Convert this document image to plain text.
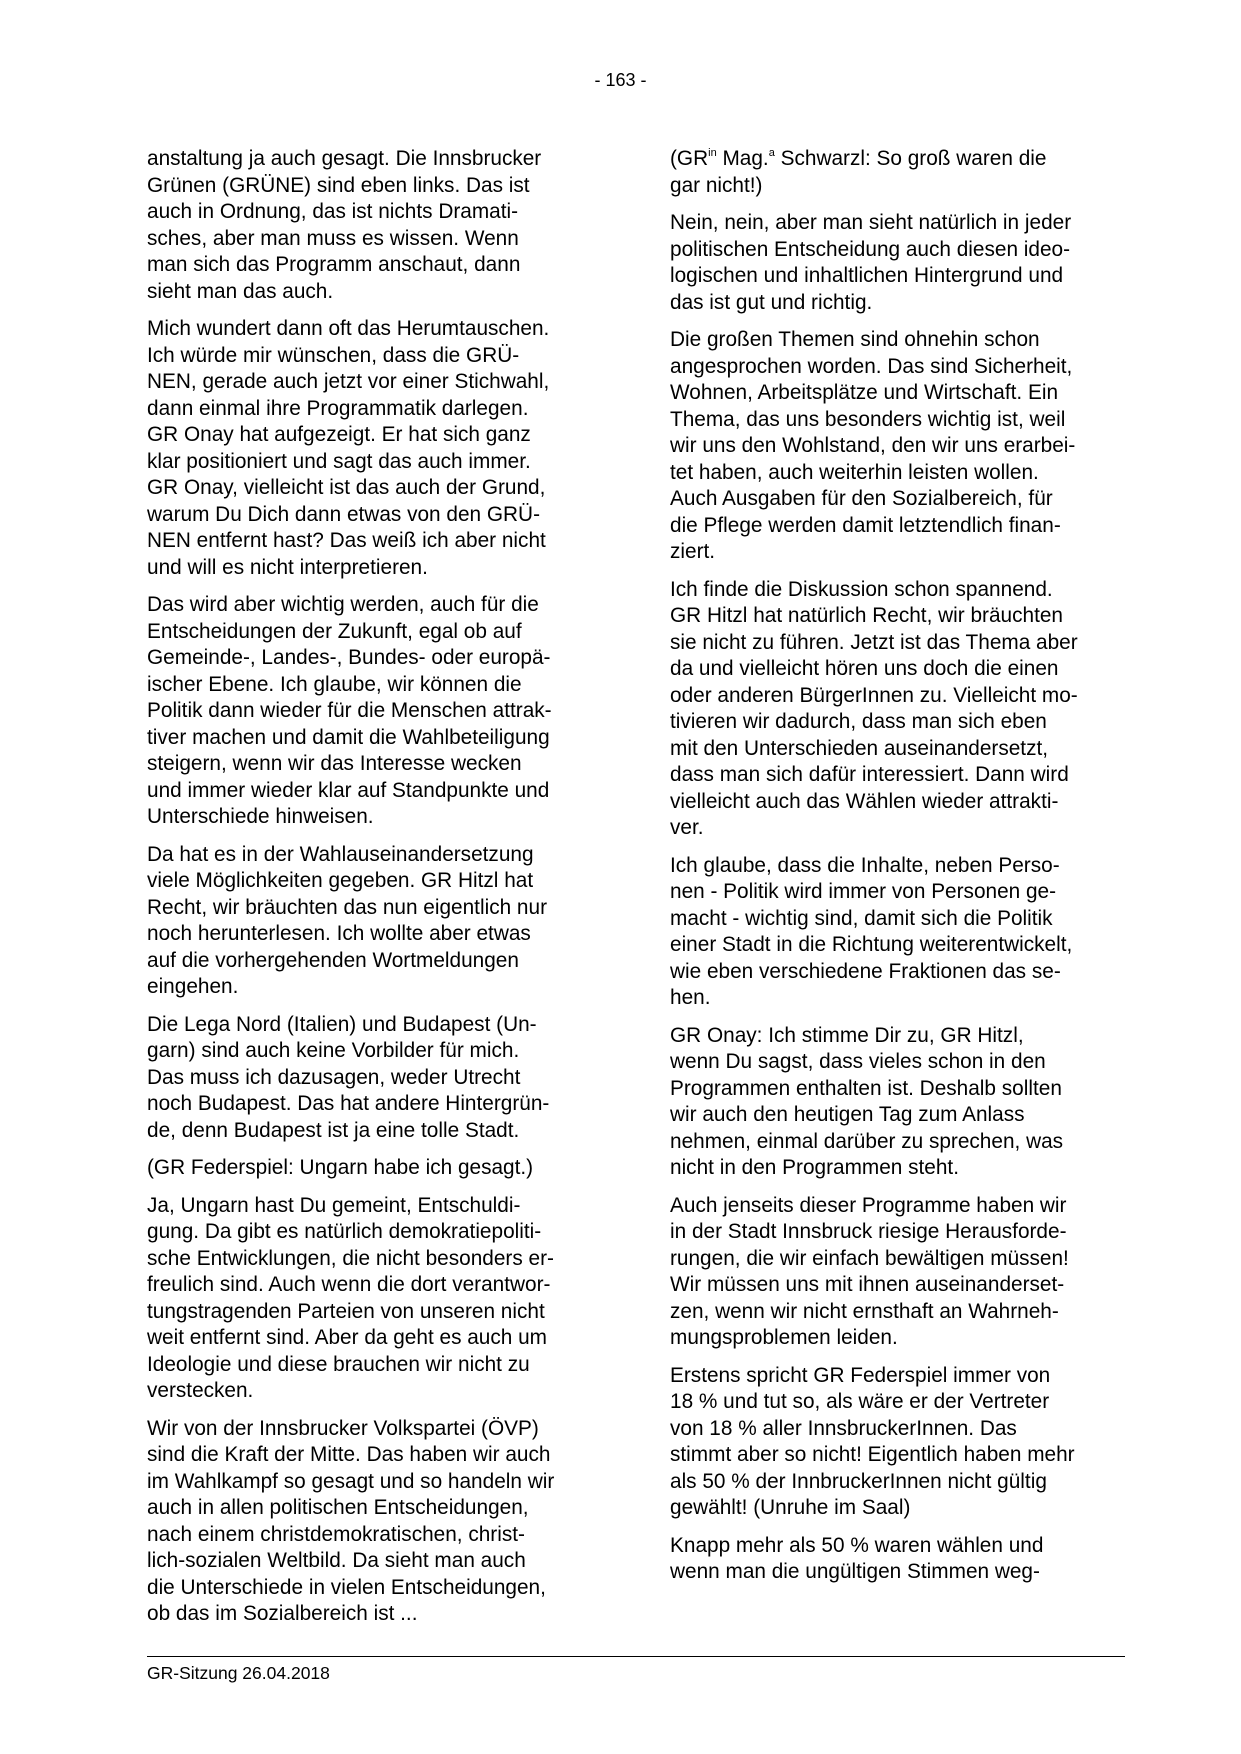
- 163 -

anstaltung ja auch gesagt. Die Innsbrucker
Grünen (GRÜNE) sind eben links. Das ist
auch in Ordnung, das ist nichts Dramati-
sches, aber man muss es wissen. Wenn
man sich das Programm anschaut, dann
sieht man das auch.

Mich wundert dann oft das Herumtauschen.
Ich würde mir wünschen, dass die GRÜ-
NEN, gerade auch jetzt vor einer Stichwahl,
dann einmal ihre Programmatik darlegen.
GR Onay hat aufgezeigt. Er hat sich ganz
klar positioniert und sagt das auch immer.
GR Onay, vielleicht ist das auch der Grund,
warum Du Dich dann etwas von den GRÜ-
NEN entfernt hast? Das weiß ich aber nicht
und will es nicht interpretieren.

Das wird aber wichtig werden, auch für die
Entscheidungen der Zukunft, egal ob auf
Gemeinde-, Landes-, Bundes- oder europä-
ischer Ebene. Ich glaube, wir können die
Politik dann wieder für die Menschen attrak-
tiver machen und damit die Wahlbeteiligung
steigern, wenn wir das Interesse wecken
und immer wieder klar auf Standpunkte und
Unterschiede hinweisen.

Da hat es in der Wahlauseinandersetzung
viele Möglichkeiten gegeben. GR Hitzl hat
Recht, wir bräuchten das nun eigentlich nur
noch herunterlesen. Ich wollte aber etwas
auf die vorhergehenden Wortmeldungen
eingehen.

Die Lega Nord (Italien) und Budapest (Un-
garn) sind auch keine Vorbilder für mich.
Das muss ich dazusagen, weder Utrecht
noch Budapest. Das hat andere Hintergrün-
de, denn Budapest ist ja eine tolle Stadt.

(GR Federspiel: Ungarn habe ich gesagt.)

Ja, Ungarn hast Du gemeint, Entschuldi-
gung. Da gibt es natürlich demokratiepoliti-
sche Entwicklungen, die nicht besonders er-
freulich sind. Auch wenn die dort verantwor-
tungstragenden Parteien von unseren nicht
weit entfernt sind. Aber da geht es auch um
Ideologie und diese brauchen wir nicht zu
verstecken.

Wir von der Innsbrucker Volkspartei (ÖVP)
sind die Kraft der Mitte. Das haben wir auch
im Wahlkampf so gesagt und so handeln wir
auch in allen politischen Entscheidungen,
nach einem christdemokratischen, christ-
lich-sozialen Weltbild. Da sieht man auch
die Unterschiede in vielen Entscheidungen,
ob das im Sozialbereich ist ...

($GR^{in}$ Mag.$^a$ Schwarzl: So groß waren die
gar nicht!)

Nein, nein, aber man sieht natürlich in jeder
politischen Entscheidung auch diesen ideo-
logischen und inhaltlichen Hintergrund und
das ist gut und richtig.

Die großen Themen sind ohnehin schon
angesprochen worden. Das sind Sicherheit,
Wohnen, Arbeitsplätze und Wirtschaft. Ein
Thema, das uns besonders wichtig ist, weil
wir uns den Wohlstand, den wir uns erarbei-
tet haben, auch weiterhin leisten wollen.
Auch Ausgaben für den Sozialbereich, für
die Pflege werden damit letztendlich finan-
ziert.

Ich finde die Diskussion schon spannend.
GR Hitzl hat natürlich Recht, wir bräuchten
sie nicht zu führen. Jetzt ist das Thema aber
da und vielleicht hören uns doch die einen
oder anderen BürgerInnen zu. Vielleicht mo-
tivieren wir dadurch, dass man sich eben
mit den Unterschieden auseinandersetzt,
dass man sich dafür interessiert. Dann wird
vielleicht auch das Wählen wieder attrakti-
ver.

Ich glaube, dass die Inhalte, neben Perso-
nen - Politik wird immer von Personen ge-
macht - wichtig sind, damit sich die Politik
einer Stadt in die Richtung weiterentwickelt,
wie eben verschiedene Fraktionen das se-
hen.

GR Onay: Ich stimme Dir zu, GR Hitzl,
wenn Du sagst, dass vieles schon in den
Programmen enthalten ist. Deshalb sollten
wir auch den heutigen Tag zum Anlass
nehmen, einmal darüber zu sprechen, was
nicht in den Programmen steht.

Auch jenseits dieser Programme haben wir
in der Stadt Innsbruck riesige Herausforde-
rungen, die wir einfach bewältigen müssen!
Wir müssen uns mit ihnen auseinanderset-
zen, wenn wir nicht ernsthaft an Wahrneh-
mungsproblemen leiden.

Erstens spricht GR Federspiel immer von
18 % und tut so, als wäre er der Vertreter
von 18 % aller InnsbruckerInnen. Das
stimmt aber so nicht! Eigentlich haben mehr
als 50 % der InnbruckerInnen nicht gültig
gewählt! (Unruhe im Saal)

Knapp mehr als 50 % waren wählen und
wenn man die ungültigen Stimmen weg-

GR-Sitzung 26.04.2018
